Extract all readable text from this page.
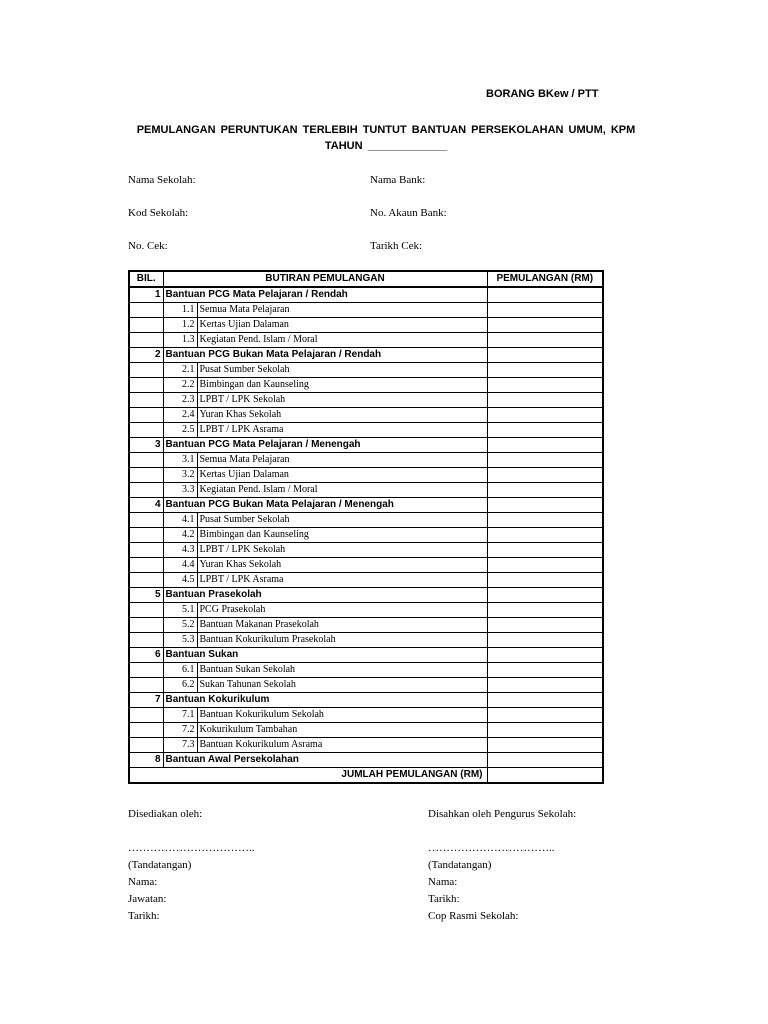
BORANG BKew / PTT
PEMULANGAN PERUNTUKAN TERLEBIH TUNTUT BANTUAN PERSEKOLAHAN UMUM, KPM
TAHUN _____________
Nama Sekolah:
Kod Sekolah:
No. Cek:
Nama Bank:
No. Akaun Bank:
Tarikh Cek:
BIL.	BUTIRAN PEMULANGAN		PEMULANGAN (RM)
1	Bantuan PCG Mata Pelajaran / Rendah		
	1.1	Semua Mata Pelajaran	
	1.2	Kertas Ujian Dalaman	
	1.3	Kegiatan Pend. Islam / Moral	
2	Bantuan PCG Bukan Mata Pelajaran / Rendah		
	2.1	Pusat Sumber Sekolah	
	2.2	Bimbingan dan Kaunseling	
	2.3	LPBT / LPK Sekolah	
	2.4	Yuran Khas Sekolah	
	2.5	LPBT / LPK Asrama	
3	Bantuan PCG Mata Pelajaran / Menengah		
	3.1	Semua Mata Pelajaran	
	3.2	Kertas Ujian Dalaman	
	3.3	Kegiatan Pend. Islam / Moral	
4	Bantuan PCG Bukan Mata Pelajaran / Menengah		
	4.1	Pusat Sumber Sekolah	
	4.2	Bimbingan dan Kaunseling	
	4.3	LPBT / LPK Sekolah	
	4.4	Yuran Khas Sekolah	
	4.5	LPBT / LPK Asrama	
5	Bantuan Prasekolah		
	5.1	PCG Prasekolah	
	5.2	Bantuan Makanan Prasekolah	
	5.3	Bantuan Kokurikulum Prasekolah	
6	Bantuan Sukan		
	6.1	Bantuan Sukan Sekolah	
	6.2	Sukan Tahunan Sekolah	
7	Bantuan Kokurikulum		
	7.1	Bantuan Kokurikulum Sekolah	
	7.2	Kokurikulum Tambahan	
	7.3	Bantuan Kokurikulum Asrama	
8	Bantuan Awal Persekolahan		
JUMLAH PEMULANGAN (RM)			
Disediakan oleh:
……………………………..
(Tandatangan)
Nama:
Jawatan:
Tarikh:
Disahkan oleh Pengurus Sekolah:
……………………………..
(Tandatangan)
Nama:
Tarikh:
Cop Rasmi Sekolah:
